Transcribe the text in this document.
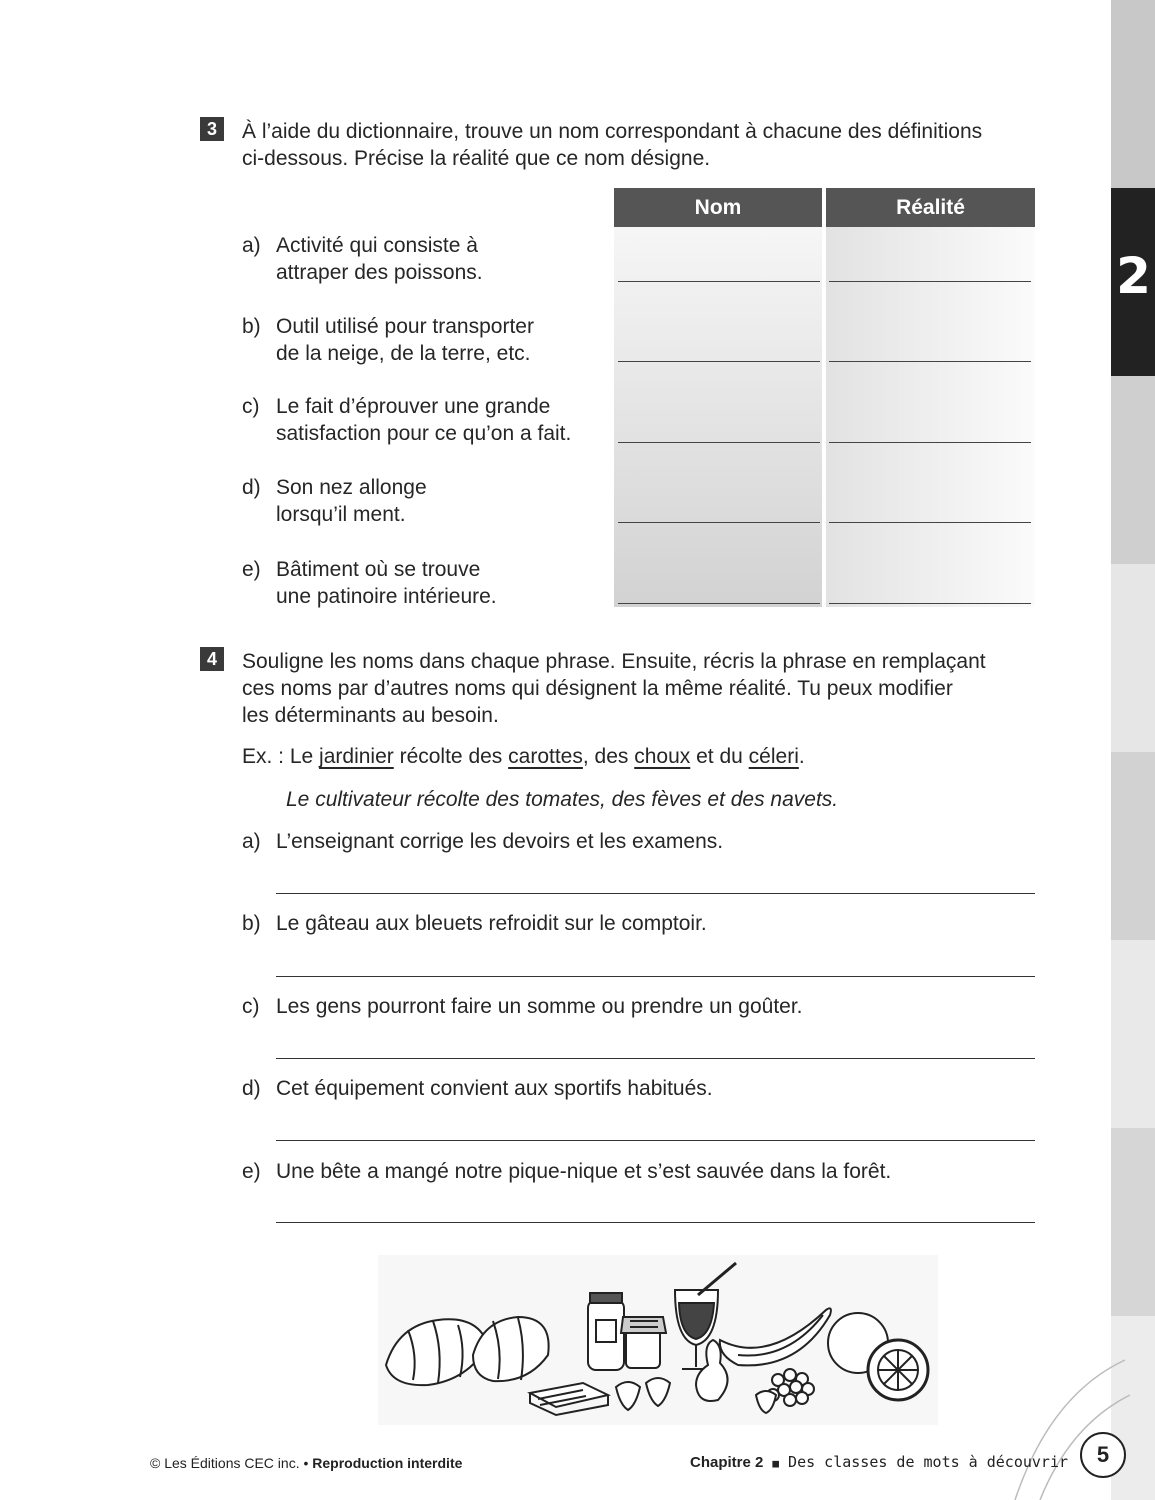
2
3	À l’aide du dictionnaire, trouve un nom correspondant à chacune des définitions
ci-dessous. Précise la réalité que ce nom désigne.
Nom	Réalité
a) Activité qui consiste à
attraper des poissons.
b) Outil utilisé pour transporter
de la neige, de la terre, etc.
c) Le fait d’éprouver une grande
satisfaction pour ce qu’on a fait.
d) Son nez allonge
lorsqu’il ment.
e) Bâtiment où se trouve
une patinoire intérieure.
4	Souligne les noms dans chaque phrase. Ensuite, récris la phrase en remplaçant
ces noms par d’autres noms qui désignent la même réalité. Tu peux modifier
les déterminants au besoin.
Ex. : Le jardinier récolte des carottes, des choux et du céleri.
Le cultivateur récolte des tomates, des fèves et des navets.
a) L’enseignant corrige les devoirs et les examens.
b) Le gâteau aux bleuets refroidit sur le comptoir.
c) Les gens pourront faire un somme ou prendre un goûter.
d) Cet équipement convient aux sportifs habitués.
e) Une bête a mangé notre pique-nique et s’est sauvée dans la forêt.
© Les Éditions CEC inc. • Reproduction interdite	Chapitre 2 ■ Des classes de mots à découvrir	5
